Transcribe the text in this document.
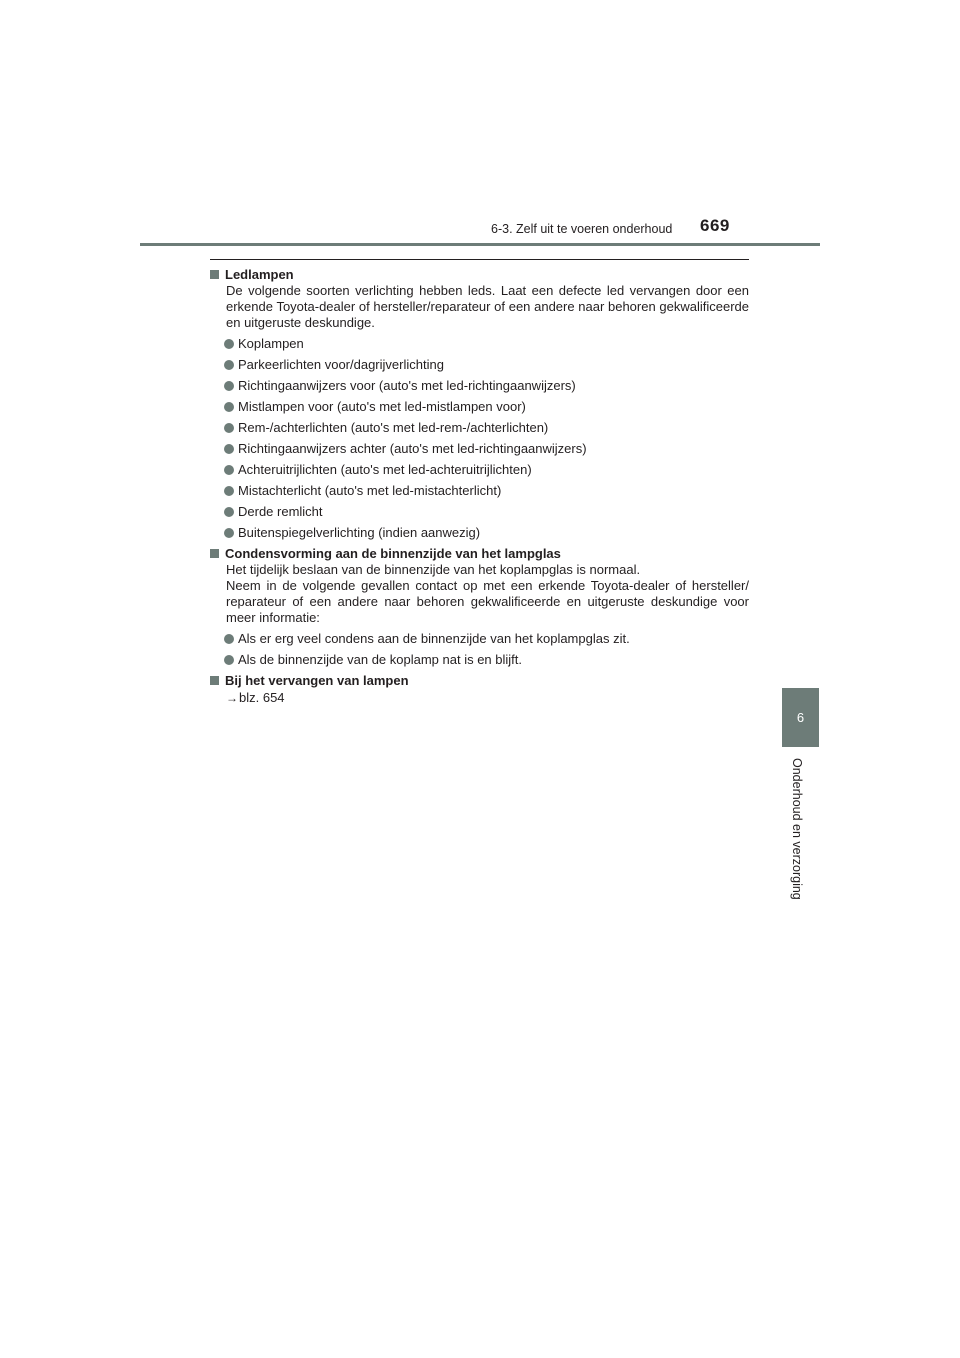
6-3. Zelf uit te voeren onderhoud 669
6
Onderhoud en verzorging
Ledlampen
De volgende soorten verlichting hebben leds. Laat een defecte led vervangen door een erkende Toyota-dealer of hersteller/reparateur of een andere naar behoren gekwalificeerde en uitgeruste deskundige.
Koplampen
Parkeerlichten voor/dagrijverlichting
Richtingaanwijzers voor (auto's met led-richtingaanwijzers)
Mistlampen voor (auto's met led-mistlampen voor)
Rem-/achterlichten (auto's met led-rem-/achterlichten)
Richtingaanwijzers achter (auto's met led-richtingaanwijzers)
Achteruitrijlichten (auto's met led-achteruitrijlichten)
Mistachterlicht (auto's met led-mistachterlicht)
Derde remlicht
Buitenspiegelverlichting (indien aanwezig)
Condensvorming aan de binnenzijde van het lampglas

Het tijdelijk beslaan van de binnenzijde van het koplampglas is normaal.

Neem in de volgende gevallen contact op met een erkende Toyota-dealer of hersteller/ reparateur of een andere naar behoren gekwalificeerde en uitgeruste deskundige voor meer informatie:

Als er erg veel condens aan de binnenzijde van het koplampglas zit.
Als de binnenzijde van de koplamp nat is en blijft.
Bij het vervangen van lampen
→blz. 654
